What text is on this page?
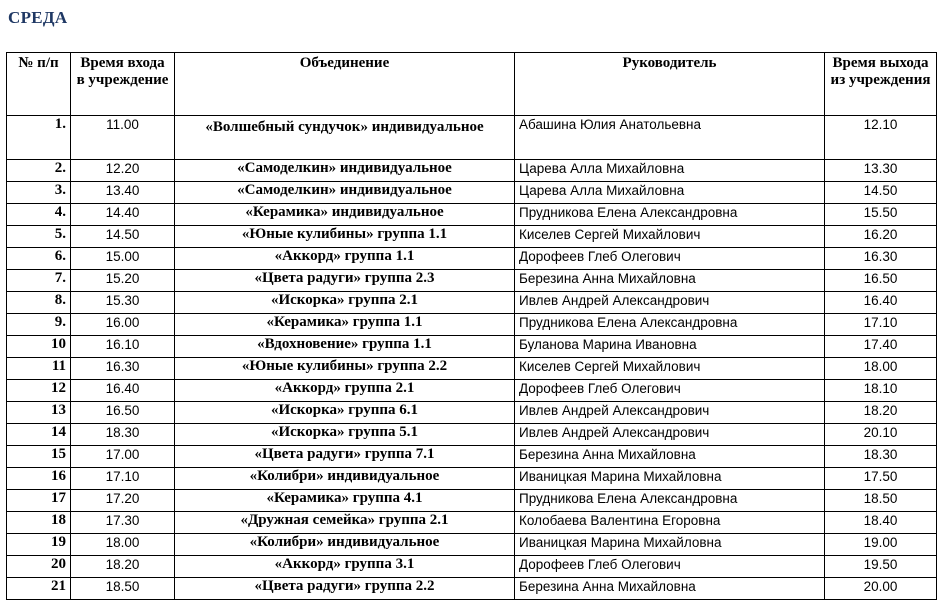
СРЕДА
№ п/п	Время входа в учреждение	Объединение	Руководитель	Время выхода из учреждения
1.	11.00	«Волшебный сундучок» индивидуальное	Абашина Юлия Анатольевна	12.10
2.	12.20	«Самоделкин» индивидуальное	Царева Алла Михайловна	13.30
3.	13.40	«Самоделкин» индивидуальное	Царева Алла Михайловна	14.50
4.	14.40	«Керамика» индивидуальное	Прудникова Елена Александровна	15.50
5.	14.50	«Юные кулибины» группа 1.1	Киселев Сергей Михайлович	16.20
6.	15.00	«Аккорд» группа 1.1	Дорофеев Глеб Олегович	16.30
7.	15.20	«Цвета радуги» группа 2.3	Березина Анна Михайловна	16.50
8.	15.30	«Искорка» группа 2.1	Ивлев Андрей Александрович	16.40
9.	16.00	«Керамика» группа 1.1	Прудникова Елена Александровна	17.10
10	16.10	«Вдохновение» группа 1.1	Буланова Марина Ивановна	17.40
11	16.30	«Юные кулибины» группа 2.2	Киселев Сергей Михайлович	18.00
12	16.40	«Аккорд» группа 2.1	Дорофеев Глеб Олегович	18.10
13	16.50	«Искорка» группа 6.1	Ивлев Андрей Александрович	18.20
14	18.30	«Искорка» группа 5.1	Ивлев Андрей Александрович	20.10
15	17.00	«Цвета радуги» группа 7.1	Березина Анна Михайловна	18.30
16	17.10	«Колибри» индивидуальное	Иваницкая Марина Михайловна	17.50
17	17.20	«Керамика» группа 4.1	Прудникова Елена Александровна	18.50
18	17.30	«Дружная семейка» группа 2.1	Колобаева Валентина Егоровна	18.40
19	18.00	«Колибри» индивидуальное	Иваницкая Марина Михайловна	19.00
20	18.20	«Аккорд» группа 3.1	Дорофеев Глеб Олегович	19.50
21	18.50	«Цвета радуги» группа 2.2	Березина Анна Михайловна	20.00
